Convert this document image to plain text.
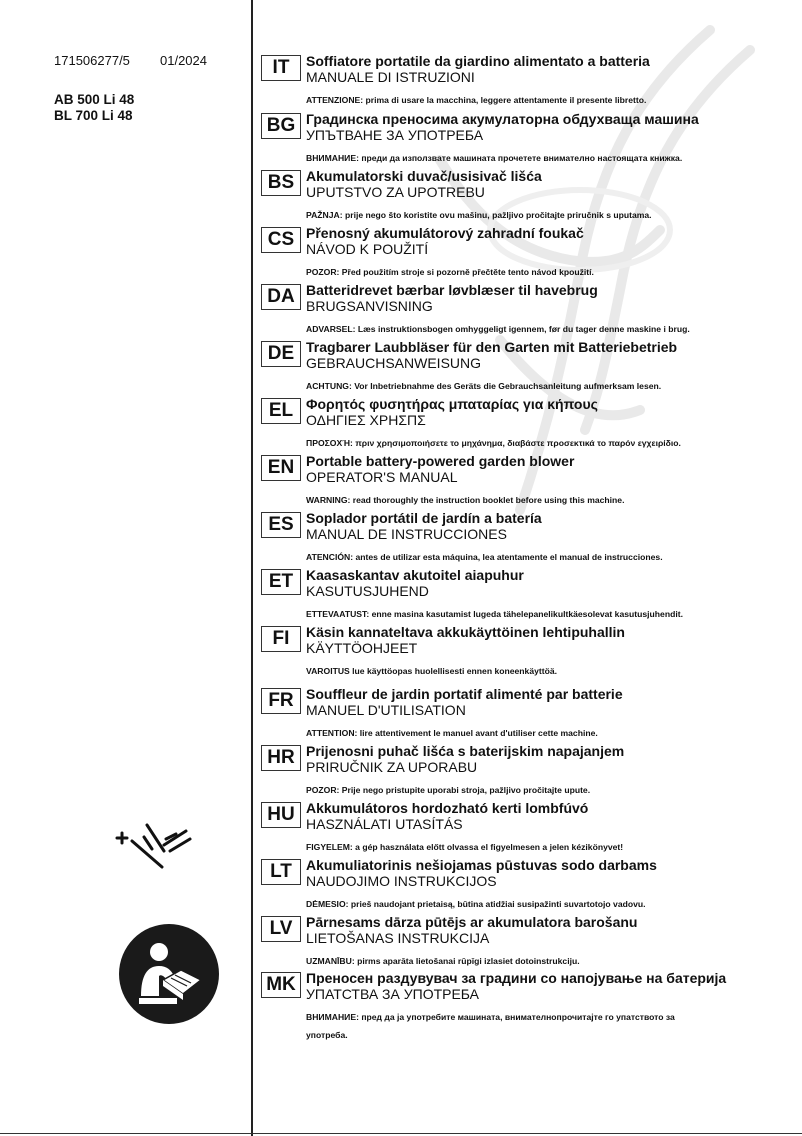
171506277/5 01/2024
AB 500 Li 48
BL 700 Li 48
IT	Soffiatore portatile da giardino alimentato a batteria
MANUALE DI ISTRUZIONI
ATTENZIONE: prima di usare la macchina, leggere attentamente il presente libretto.
BG Градинска преносима акумулаторна обдухваща машина
УПЪТВАНЕ ЗА УПОТРЕБА
ВНИМАНИЕ: преди да използвате машината прочетете внимателно настоящата книжка.
BS Akumulatorski duvač/usisivač lišća
UPUTSTVO ZA UPOTREBU
PAŽNJA: prije nego što koristite ovu mašinu, pažljivo pročitajte priručnik s uputama.
CS Přenosný akumulátorový zahradní foukač
NÁVOD K POUŽITÍ
POZOR: Před použitím stroje si pozorně přečtěte tento návod kpoužití.
DA Batteridrevet bærbar løvblæser til havebrug
BRUGSANVISNING
ADVARSEL: Læs instruktionsbogen omhyggeligt igennem, før du tager denne maskine i brug.
DE Tragbarer Laubbläser für den Garten mit Batteriebetrieb
GEBRAUCHSANWEISUNG
ACHTUNG: Vor Inbetriebnahme des Geräts die Gebrauchsanleitung aufmerksam lesen.
EL Φορητός φυσητήρας μπαταρίας για κήπους
ΟΔΗΓΙΕΣ ΧΡΗΣΠΣ
ΠΡΟΣΟΧΉ: πριν χρησιμοποιήσετε το μηχάνημα, διαβάστε προσεκτικά το παρόν εγχειρίδιο.
EN Portable battery-powered garden blower
OPERATOR'S MANUAL
WARNING: read thoroughly the instruction booklet before using this machine.
ES Soplador portátil de jardín a batería
MANUAL DE INSTRUCCIONES
ATENCIÓN: antes de utilizar esta máquina, lea atentamente el manual de instrucciones.
ET Kaasaskantav akutoitel aiapuhur
KASUTUSJUHEND
ETTEVAATUST: enne masina kasutamist lugeda tähelepanelikultkäesolevat kasutusjuhendit.
FI	Käsin kannateltava akkukäyttöinen lehtipuhallin
KÄYTTÖOHJEET
VAROITUS lue käyttöopas huolellisesti ennen koneenkäyttöä.
FR Souffleur de jardin portatif alimenté par batterie
MANUEL D'UTILISATION
ATTENTION: lire attentivement le manuel avant d'utiliser cette machine.
HR Prijenosni puhač lišća s baterijskim napajanjem
PRIRUČNIK ZA UPORABU
POZOR: Prije nego pristupite uporabi stroja, pažljivo pročitajte upute.
HU Akkumulátoros hordozható kerti lombfúvó
HASZNÁLATI UTASÍTÁS
FIGYELEM: a gép használata előtt olvassa el figyelmesen a jelen kézikönyvet!
LT	Akumuliatorinis nešiojamas pūstuvas sodo darbams
NAUDOJIMO INSTRUKCIJOS
DĖMESIO: prieš naudojant prietaisą, būtina atidžiai susipažinti suvartotojo vadovu.
LV Pārnesams dārza pūtējs ar akumulatora barošanu
LIETOŠANAS INSTRUKCIJA
UZMANĪBU: pirms aparāta lietošanai rūpīgi izlasiet dotoinstrukciju.
MK Преносен раздувувач за градини со напојување на батерија
УПАТСТВА ЗА УПОТРЕБА
ВНИМАНИЕ: пред да ја употребите машината, внимателнопрочитајте го упатството за
употреба.
